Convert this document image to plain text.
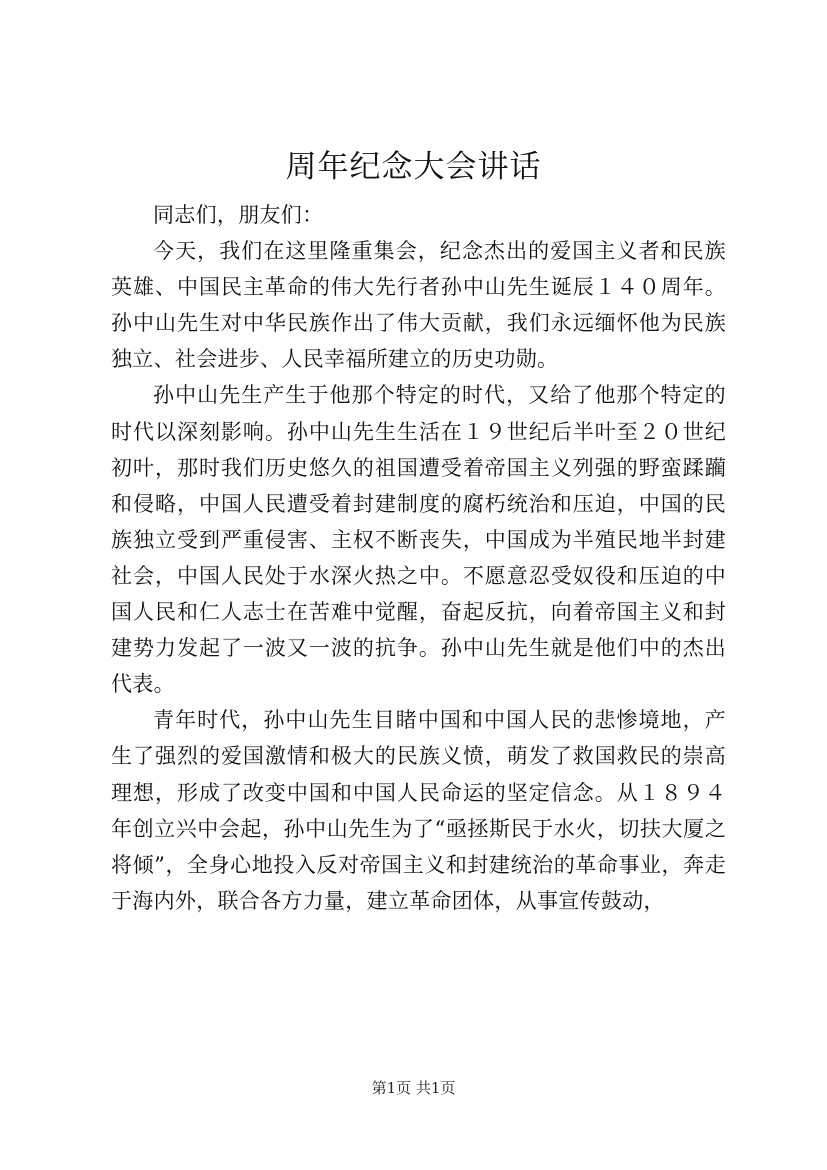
周年纪念大会讲话

同志们，朋友们：

今天，我们在这里隆重集会，纪念杰出的爱国主义者和民族英雄、中国民主革命的伟大先行者孙中山先生诞辰１４０周年。孙中山先生对中华民族作出了伟大贡献，我们永远缅怀他为民族独立、社会进步、人民幸福所建立的历史功勋。

孙中山先生产生于他那个特定的时代，又给了他那个特定的时代以深刻影响。孙中山先生生活在１９世纪后半叶至２０世纪初叶，那时我们历史悠久的祖国遭受着帝国主义列强的野蛮蹂躏和侵略，中国人民遭受着封建制度的腐朽统治和压迫，中国的民族独立受到严重侵害、主权不断丧失，中国成为半殖民地半封建社会，中国人民处于水深火热之中。不愿意忍受奴役和压迫的中国人民和仁人志士在苦难中觉醒，奋起反抗，向着帝国主义和封建势力发起了一波又一波的抗争。孙中山先生就是他们中的杰出代表。

青年时代，孙中山先生目睹中国和中国人民的悲惨境地，产生了强烈的爱国激情和极大的民族义愤，萌发了救国救民的崇高理想，形成了改变中国和中国人民命运的坚定信念。从１８９４年创立兴中会起，孙中山先生为了“亟拯斯民于水火，切扶大厦之将倾”，全身心地投入反对帝国主义和封建统治的革命事业，奔走于海内外，联合各方力量，建立革命团体，从事宣传鼓动，

第1页 共1页
